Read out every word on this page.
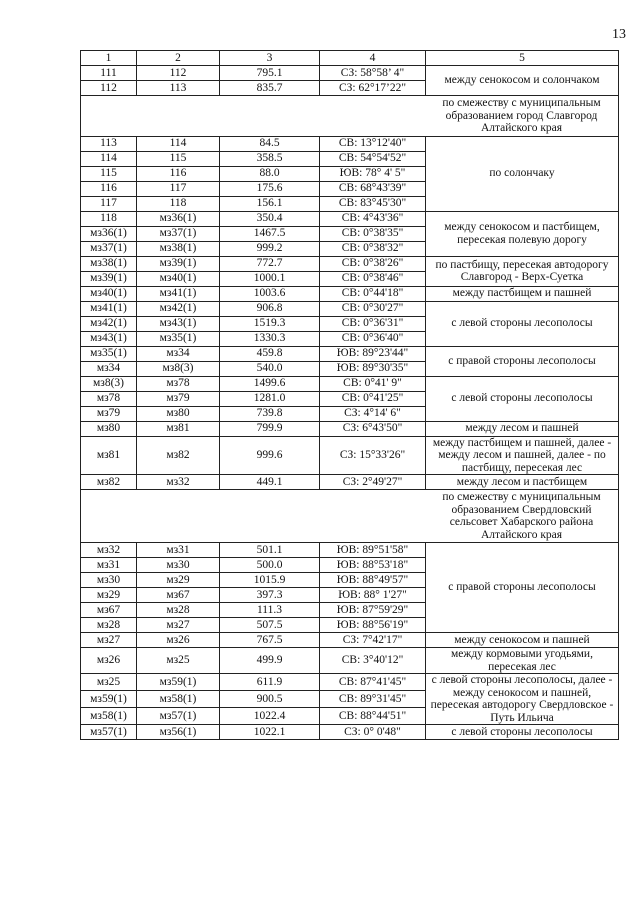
13
1	2	3	4	5
111	112	795.1	СЗ: 58°58’ 4"	между сенокосом и солончаком
112	113	835.7	СЗ: 62°17’22"	

по смежеству с муниципальным образованием город Славгород Алтайского края				

113	114	84.5	СВ: 13°12'40"	по солончаку
114	115	358.5	СВ: 54°54'52"	
115	116	88.0	ЮВ: 78° 4' 5"	
116	117	175.6	СВ: 68°43'39"	
117	118	156.1	СВ: 83°45'30"	
118	мз36(1)	350.4	СВ: 4°43'36"	между сенокосом и пастбищем, пересекая полевую дорогу
мз36(1)	мз37(1)	1467.5	СВ: 0°38'35"	
мз37(1)	мз38(1)	999.2	СВ: 0°38'32"	
мз38(1)	мз39(1)	772.7	СВ: 0°38'26"	по пастбищу, пересекая автодорогу Славгород - Верх-Суетка
мз39(1)	мз40(1)	1000.1	СВ: 0°38'46"	
мз40(1)	мз41(1)	1003.6	СВ: 0°44'18"	между пастбищем и пашней
мз41(1)	мз42(1)	906.8	СВ: 0°30'27"	с левой стороны лесополосы
мз42(1)	мз43(1)	1519.3	СВ: 0°36'31"	
мз43(1)	мз35(1)	1330.3	СВ: 0°36'40"	
мз35(1)	мз34	459.8	ЮВ: 89°23'44"	с правой стороны лесополосы
мз34	мз8(3)	540.0	ЮВ: 89°30'35"	
мз8(3)	мз78	1499.6	СВ: 0°41' 9"	с левой стороны лесополосы
мз78	мз79	1281.0	СВ: 0°41'25"	
мз79	мз80	739.8	СЗ: 4°14' 6"	
мз80	мз81	799.9	СЗ: 6°43'50"	между лесом и пашней
мз81	мз82	999.6	СЗ: 15°33'26"	между пастбищем и пашней, далее - между лесом и пашней, далее - по пастбищу, пересекая лес
мз82	мз32	449.1	СЗ: 2°49'27"	между лесом и пастбищем

по смежеству с муниципальным образованием Свердловский сельсовет Хабарского района Алтайского края				

мз32	мз31	501.1	ЮВ: 89°51'58"	с правой стороны лесополосы
мз31	мз30	500.0	ЮВ: 88°53'18"	
мз30	мз29	1015.9	ЮВ: 88°49'57"	
мз29	мз67	397.3	ЮВ: 88° 1'27"	
мз67	мз28	111.3	ЮВ: 87°59'29"	
мз28	мз27	507.5	ЮВ: 88°56'19"	
мз27	мз26	767.5	СЗ: 7°42'17"	между сенокосом и пашней
мз26	мз25	499.9	СВ: 3°40'12"	между кормовыми угодьями, пересекая лес
мз25	мз59(1)	611.9	СВ: 87°41'45"	с левой стороны лесополосы, далее - между сенокосом и пашней, пересекая автодорогу Свердловское - Путь Ильича
мз59(1)	мз58(1)	900.5	СВ: 89°31'45"	
мз58(1)	мз57(1)	1022.4	СВ: 88°44'51"	
мз57(1)	мз56(1)	1022.1	СЗ: 0° 0'48"	с левой стороны лесополосы
